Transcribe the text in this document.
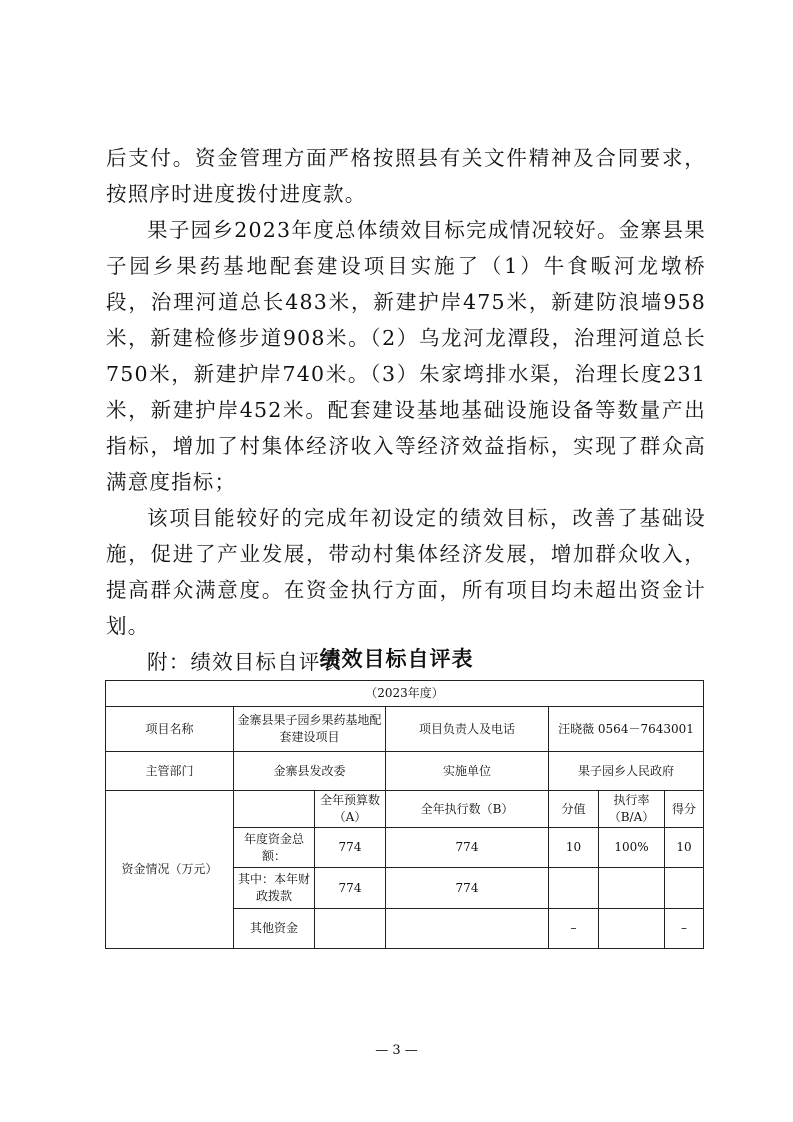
后支付。资金管理方面严格按照县有关文件精神及合同要求，按照序时进度拨付进度款。

果子园乡2023年度总体绩效目标完成情况较好。金寨县果子园乡果药基地配套建设项目实施了（1）牛食畈河龙墩桥段，治理河道总长483米，新建护岸475米，新建防浪墙958米，新建检修步道908米。（2）乌龙河龙潭段，治理河道总长750米，新建护岸740米。（3）朱家塆排水渠，治理长度231米，新建护岸452米。配套建设基地基础设施设备等数量产出指标，增加了村集体经济收入等经济效益指标，实现了群众高满意度指标；

该项目能较好的完成年初设定的绩效目标，改善了基础设施，促进了产业发展，带动村集体经济发展，增加群众收入，提高群众满意度。在资金执行方面，所有项目均未超出资金计划。

附：绩效目标自评表

绩效目标自评表
（2023年度）						
项目名称	金寨县果子园乡果药基地配套建设项目		项目负责人及电话	汪晓薇 0564－7643001		
主管部门	金寨县发改委		实施单位	果子园乡人民政府		
资金情况（万元）		全年预算数（A）	全年执行数（B）	分值	执行率（B/A）	得分
	年度资金总额：	774	774	10	100%	10
	其中：本年财政拨款	774	774			
	其他资金			–		–
— 3 —
